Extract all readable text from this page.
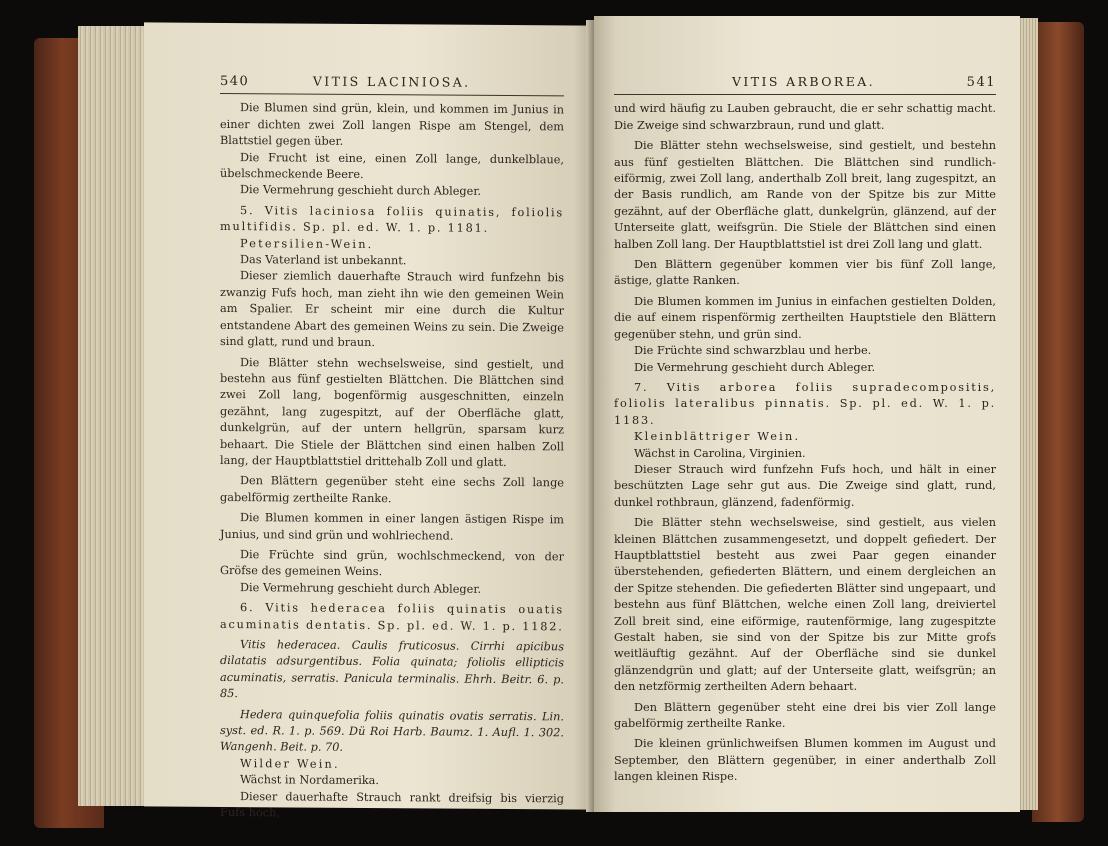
540	VITIS LACINIOSA.

Die Blumen sind grün, klein, und kommen im Junius in einer dichten zwei Zoll langen Rispe am Stengel, dem Blattstiel gegen über.

Die Frucht ist eine, einen Zoll lange, dunkelblaue, übelschmeckende Beere.

Die Vermehrung geschieht durch Ableger.

5. Vitis laciniosa foliis quinatis, foliolis multifidis. Sp. pl. ed. W. 1. p. 1181.

Petersilien-Wein.

Das Vaterland ist unbekannt.

Dieser ziemlich dauerhafte Strauch wird funfzehn bis zwanzig Fufs hoch, man zieht ihn wie den gemeinen Wein am Spalier. Er scheint mir eine durch die Kultur entstandene Abart des gemeinen Weins zu sein. Die Zweige sind glatt, rund und braun.

Die Blätter stehn wechselsweise, sind gestielt, und bestehn aus fünf gestielten Blättchen. Die Blättchen sind zwei Zoll lang, bogenförmig ausgeschnitten, einzeln gezähnt, lang zugespitzt, auf der Oberfläche glatt, dunkelgrün, auf der untern hellgrün, sparsam kurz behaart. Die Stiele der Blättchen sind einen halben Zoll lang, der Hauptblattstiel drittehalb Zoll und glatt.

Den Blättern gegenüber steht eine sechs Zoll lange gabelförmig zertheilte Ranke.

Die Blumen kommen in einer langen ästigen Rispe im Junius, und sind grün und wohlriechend.

Die Früchte sind grün, wochlschmeckend, von der Gröfse des gemeinen Weins.

Die Vermehrung geschieht durch Ableger.

6. Vitis hederacea foliis quinatis ouatis acuminatis dentatis. Sp. pl. ed. W. 1. p. 1182.

Vitis hederacea. Caulis fruticosus. Cirrhi apicibus dilatatis adsurgentibus. Folia quinata; foliolis ellipticis acuminatis, serratis. Panicula terminalis. Ehrh. Beitr. 6. p. 85.

Hedera quinquefolia foliis quinatis ovatis serratis. Lin. syst. ed. R. 1. p. 569. Dü Roi Harb. Baumz. 1. Aufl. 1. 302. Wangenh. Beit. p. 70.

Wilder Wein.

Wächst in Nordamerika.

Dieser dauerhafte Strauch rankt dreifsig bis vierzig Fufs hoch,

VITIS ARBOREA.	541

und wird häufig zu Lauben gebraucht, die er sehr schattig macht. Die Zweige sind schwarzbraun, rund und glatt.

Die Blätter stehn wechselsweise, sind gestielt, und bestehn aus fünf gestielten Blättchen. Die Blättchen sind rundlich-eiförmig, zwei Zoll lang, anderthalb Zoll breit, lang zugespitzt, an der Basis rundlich, am Rande von der Spitze bis zur Mitte gezähnt, auf der Oberfläche glatt, dunkelgrün, glänzend, auf der Unterseite glatt, weifsgrün. Die Stiele der Blättchen sind einen halben Zoll lang. Der Hauptblattstiel ist drei Zoll lang und glatt.

Den Blättern gegenüber kommen vier bis fünf Zoll lange, ästige, glatte Ranken.

Die Blumen kommen im Junius in einfachen gestielten Dolden, die auf einem rispenförmig zertheilten Hauptstiele den Blättern gegenüber stehn, und grün sind.

Die Früchte sind schwarzblau und herbe.

Die Vermehrung geschieht durch Ableger.

7. Vitis arborea foliis supradecompositis, foliolis lateralibus pinnatis. Sp. pl. ed. W. 1. p. 1183.

Kleinblättriger Wein.

Wächst in Carolina, Virginien.

Dieser Strauch wird funfzehn Fufs hoch, und hält in einer beschützten Lage sehr gut aus. Die Zweige sind glatt, rund, dunkel rothbraun, glänzend, fadenförmig.

Die Blätter stehn wechselsweise, sind gestielt, aus vielen kleinen Blättchen zusammengesetzt, und doppelt gefiedert. Der Hauptblattstiel besteht aus zwei Paar gegen einander überstehenden, gefiederten Blättern, und einem dergleichen an der Spitze stehenden. Die gefiederten Blätter sind ungepaart, und bestehn aus fünf Blättchen, welche einen Zoll lang, dreiviertel Zoll breit sind, eine eiförmige, rautenförmige, lang zugespitzte Gestalt haben, sie sind von der Spitze bis zur Mitte grofs weitläuftig gezähnt. Auf der Oberfläche sind sie dunkel glänzendgrün und glatt; auf der Unterseite glatt, weifsgrün; an den netzförmig zertheilten Adern behaart.

Den Blättern gegenüber steht eine drei bis vier Zoll lange gabelförmig zertheilte Ranke.

Die kleinen grünlichweifsen Blumen kommen im August und September, den Blättern gegenüber, in einer anderthalb Zoll langen kleinen Rispe.
